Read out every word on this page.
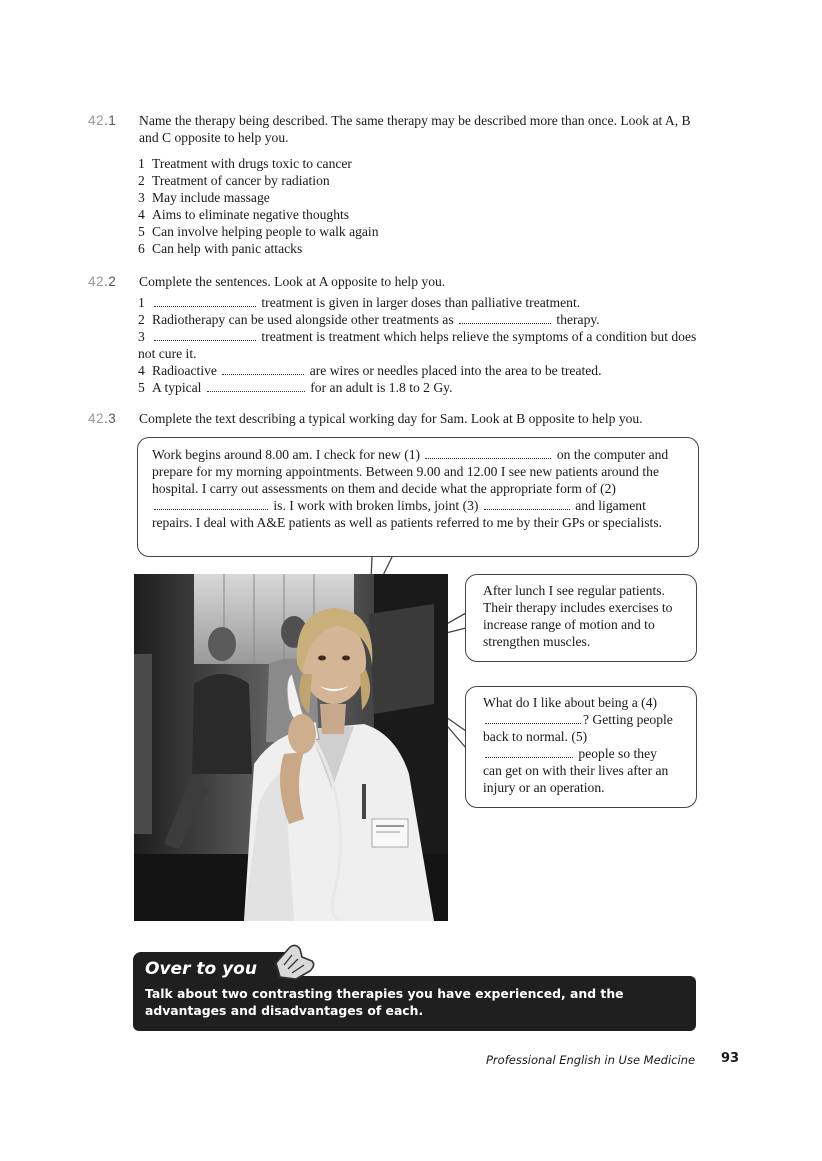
42.1	Name the therapy being described. The same therapy may be described more than once. Look at A, B and C opposite to help you.
1 Treatment with drugs toxic to cancer
2 Treatment of cancer by radiation
3 May include massage
4 Aims to eliminate negative thoughts
5 Can involve helping people to walk again
6 Can help with panic attacks
42.2	Complete the sentences. Look at A opposite to help you.
1	treatment is given in larger doses than palliative treatment.
2 Radiotherapy can be used alongside other treatments as	therapy.
3	treatment is treatment which helps relieve the symptoms of a condition but does not cure it.
4 Radioactive	are wires or needles placed into the area to be treated.
5 A typical	for an adult is 1.8 to 2 Gy.
42.3	Complete the text describing a typical working day for Sam. Look at B opposite to help you.
Work begins around 8.00 am. I check for new (1)	on the computer and prepare for my morning appointments. Between 9.00 and 12.00 I see new patients around the hospital. I carry out assessments on them and decide what the appropriate form of (2)  is. I work with broken limbs, joint (3)	and ligament repairs. I deal with A&E patients as well as patients referred to me by their GPs or specialists.
After lunch I see regular patients. Their therapy includes exercises to increase range of motion and to strengthen muscles.
What do I like about being a (4) ? Getting people back to normal. (5)  people so they can get on with their lives after an injury or an operation.
Talk about two contrasting therapies you have experienced, and the advantages and disadvantages of each.
Over to you
Professional English in Use Medicine 93
